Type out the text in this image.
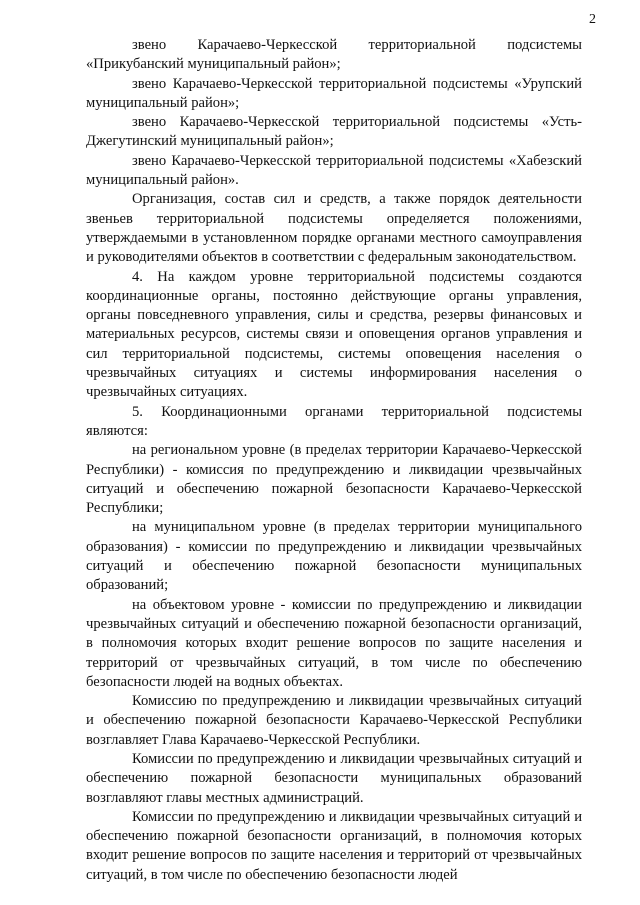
2

звено Карачаево-Черкесской территориальной подсистемы «Прикубанский муниципальный район»;

звено Карачаево-Черкесской территориальной подсистемы «Урупский муниципальный район»;

звено Карачаево-Черкесской территориальной подсистемы «Усть-Джегутинский муниципальный район»;

звено Карачаево-Черкесской территориальной подсистемы «Хабезский муниципальный район».

Организация, состав сил и средств, а также порядок деятельности звеньев территориальной подсистемы определяется положениями, утверждаемыми в установленном порядке органами местного самоуправления и руководителями объектов в соответствии с федеральным законодательством.

4. На каждом уровне территориальной подсистемы создаются координационные органы, постоянно действующие органы управления, органы повседневного управления, силы и средства, резервы финансовых и материальных ресурсов, системы связи и оповещения органов управления и сил территориальной подсистемы, системы оповещения населения о чрезвычайных ситуациях и системы информирования населения о чрезвычайных ситуациях.

5. Координационными органами территориальной подсистемы являются:

на региональном уровне (в пределах территории Карачаево-Черкесской Республики) - комиссия по предупреждению и ликвидации чрезвычайных ситуаций и обеспечению пожарной безопасности Карачаево-Черкесской Республики;

на муниципальном уровне (в пределах территории муниципального образования) - комиссии по предупреждению и ликвидации чрезвычайных ситуаций и обеспечению пожарной безопасности муниципальных образований;

на объектовом уровне - комиссии по предупреждению и ликвидации чрезвычайных ситуаций и обеспечению пожарной безопасности организаций, в полномочия которых входит решение вопросов по защите населения и территорий от чрезвычайных ситуаций, в том числе по обеспечению безопасности людей на водных объектах.

Комиссию по предупреждению и ликвидации чрезвычайных ситуаций и обеспечению пожарной безопасности Карачаево-Черкесской Республики возглавляет Глава Карачаево-Черкесской Республики.

Комиссии по предупреждению и ликвидации чрезвычайных ситуаций и обеспечению пожарной безопасности муниципальных образований возглавляют главы местных администраций.

Комиссии по предупреждению и ликвидации чрезвычайных ситуаций и обеспечению пожарной безопасности организаций, в полномочия которых входит решение вопросов по защите населения и территорий от чрезвычайных ситуаций, в том числе по обеспечению безопасности людей
